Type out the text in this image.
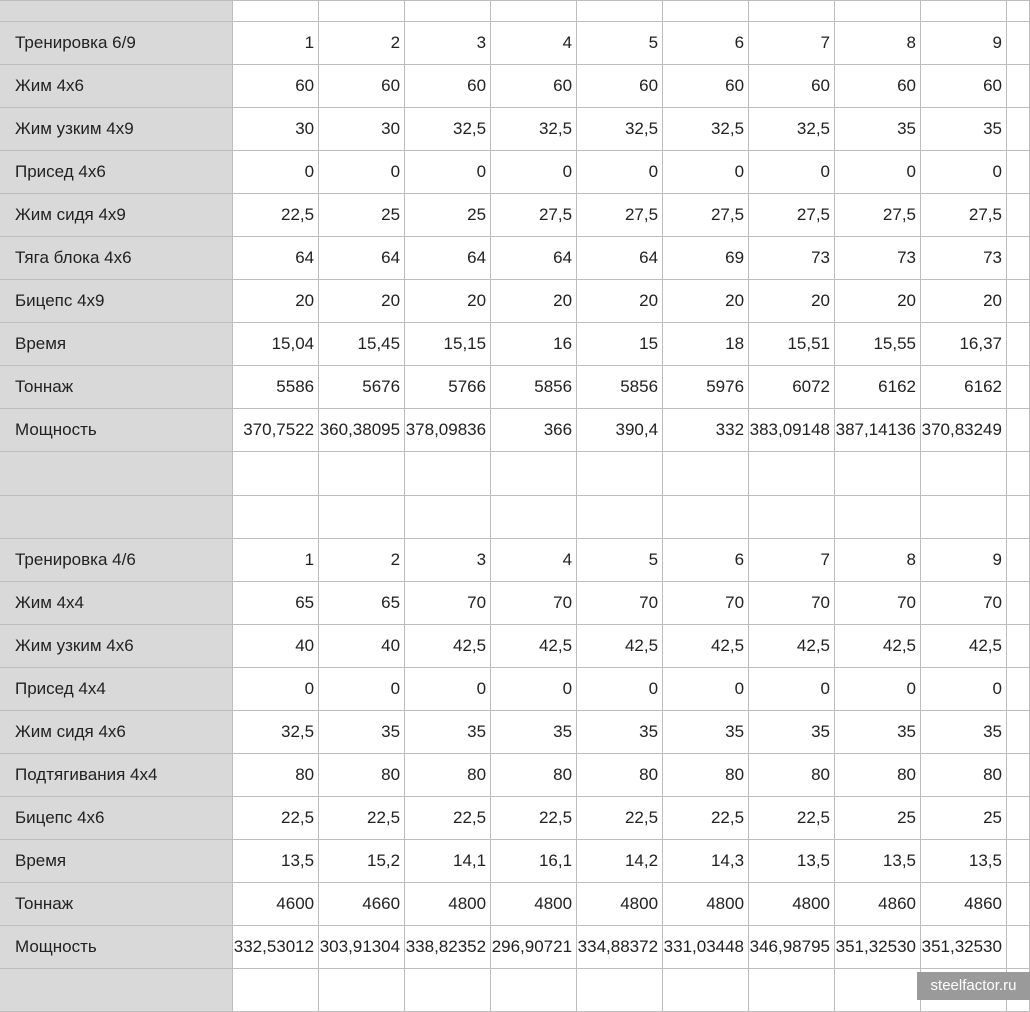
Тренировка 6/9	1	2	3	4	5	6	7	8	9	
Жим 4х6	60	60	60	60	60	60	60	60	60	
Жим узким 4х9	30	30	32,5	32,5	32,5	32,5	32,5	35	35	
Присед 4х6	0	0	0	0	0	0	0	0	0	
Жим сидя 4х9	22,5	25	25	27,5	27,5	27,5	27,5	27,5	27,5	
Тяга блока 4х6	64	64	64	64	64	69	73	73	73	
Бицепс 4х9	20	20	20	20	20	20	20	20	20	
Время	15,04	15,45	15,15	16	15	18	15,51	15,55	16,37	
Тоннаж	5586	5676	5766	5856	5856	5976	6072	6162	6162	
Мощность	370,7522	360,38095	378,09836	366	390,4	332	383,09148	387,14136	370,83249	

Тренировка 4/6	1	2	3	4	5	6	7	8	9	
Жим 4х4	65	65	70	70	70	70	70	70	70	
Жим узким 4х6	40	40	42,5	42,5	42,5	42,5	42,5	42,5	42,5	
Присед 4х4	0	0	0	0	0	0	0	0	0	
Жим сидя 4х6	32,5	35	35	35	35	35	35	35	35	
Подтягивания 4х4	80	80	80	80	80	80	80	80	80	
Бицепс 4х6	22,5	22,5	22,5	22,5	22,5	22,5	22,5	25	25	
Время	13,5	15,2	14,1	16,1	14,2	14,3	13,5	13,5	13,5	
Тоннаж	4600	4660	4800	4800	4800	4800	4800	4860	4860	
Мощность	332,53012	303,91304	338,82352	296,90721	334,88372	331,03448	346,98795	351,32530	351,32530	

steelfactor.ru
